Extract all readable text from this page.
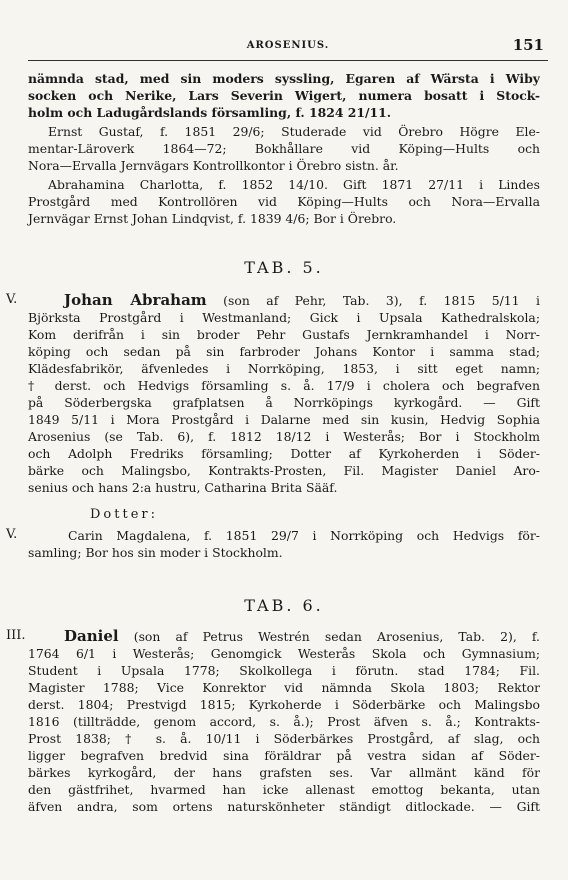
AROSENIUS.	151
nämnda stad, med sin moders syssling, Egaren af Wärsta i Wiby
socken och Nerike, Lars Severin Wigert, numera bosatt i Stock-
holm och Ladugårdslands församling, f. 1824 21/11.
Ernst Gustaf, f. 1851 29/6; Studerade vid Örebro Högre Ele-
mentar-Läroverk 1864—72; Bokhållare vid Köping—Hults och
Nora—Ervalla Jernvägars Kontrollkontor i Örebro sistn. år.
Abrahamina Charlotta, f. 1852 14/10. Gift 1871 27/11 i Lindes
Prostgård med Kontrollören vid Köping—Hults och Nora—Ervalla
Jernvägar Ernst Johan Lindqvist, f. 1839 4/6; Bor i Örebro.
TAB. 5.
V.	Johan Abraham (son af Pehr, Tab. 3), f. 1815 5/11 i
Björksta Prostgård i Westmanland; Gick i Upsala Kathedralskola;
Kom derifrån i sin broder Pehr Gustafs Jernkramhandel i Norr-
köping och sedan på sin farbroder Johans Kontor i samma stad;
Klädesfabrikör, äfvenledes i Norrköping, 1853, i sitt eget namn;
† derst. och Hedvigs församling s. å. 17/9 i cholera och begrafven
på Söderbergska grafplatsen å Norrköpings kyrkogård. — Gift
1849 5/11 i Mora Prostgård i Dalarne med sin kusin, Hedvig Sophia
Arosenius (se Tab. 6), f. 1812 18/12 i Westerås; Bor i Stockholm
och Adolph Fredriks församling; Dotter af Kyrkoherden i Söder-
bärke och Malingsbo, Kontrakts-Prosten, Fil. Magister Daniel Aro-
senius och hans 2:a hustru, Catharina Brita Sääf.
Dotter:
V.	Carin Magdalena, f. 1851 29/7 i Norrköping och Hedvigs för-
samling; Bor hos sin moder i Stockholm.
TAB. 6.
III.	Daniel (son af Petrus Westrén sedan Arosenius, Tab. 2), f.
1764 6/1 i Westerås; Genomgick Westerås Skola och Gymnasium;
Student i Upsala 1778; Skolkollega i förutn. stad 1784; Fil.
Magister 1788; Vice Konrektor vid nämnda Skola 1803; Rektor
derst. 1804; Prestvigd 1815; Kyrkoherde i Söderbärke och Malingsbo
1816 (tillträdde, genom accord, s. å.); Prost äfven s. å.; Kontrakts-
Prost 1838; † s. å. 10/11 i Söderbärkes Prostgård, af slag, och
ligger begrafven bredvid sina föräldrar på vestra sidan af Söder-
bärkes kyrkogård, der hans grafsten ses. Var allmänt känd för
den gästfrihet, hvarmed han icke allenast emottog bekanta, utan
äfven andra, som ortens naturskönheter ständigt ditlockade. — Gift
